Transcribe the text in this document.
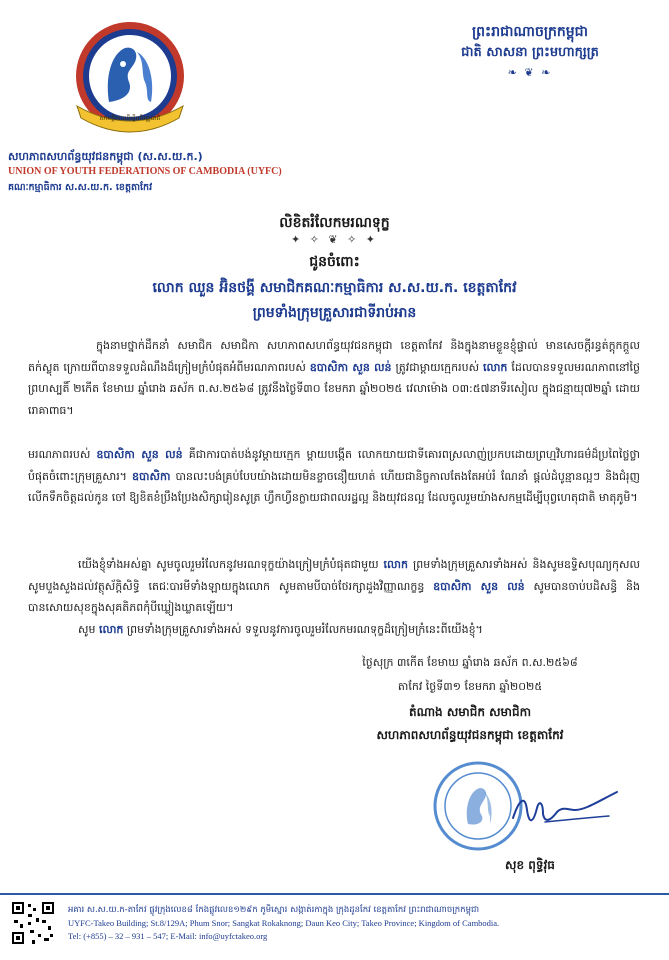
សាមគ្គីភាពដើម្បីអភិវឌ្ឍជាតិ
សហភាពសហព័ន្ធយុវជនកម្ពុជា (ស.ស.យ.ក.)
UNION OF YOUTH FEDERATIONS OF CAMBODIA (UYFC)
គណៈកម្មាធិការ ស.ស.យ.ក. ខេត្តតាកែវ
ព្រះរាជាណាចក្រកម្ពុជា
ជាតិ សាសនា ព្រះមហាក្សត្រ
❧ ❦ ❧
លិខិតរំលែកមរណទុក្ខ
✦ ✧ ❦ ✧ ✦
ជូនចំពោះ
លោក ឈួន អ៊ិនថង្គី សមាជិកគណៈកម្មាធិការ ស.ស.យ.ក. ខេត្តតាកែវ
ព្រមទាំងក្រុមគ្រួសារជាទីរាប់អាន
ក្នុងនាមថ្នាក់ដឹកនាំ សមាជិក សមាជិកា សហភាពសហព័ន្ធយុវជនកម្ពុជា ខេត្តតាកែវ និងក្នុងនាមខ្លួនខ្ញុំផ្ទាល់ មានសេចក្ដីរន្ធត់ក្តុកក្តួលតក់ស្លុត ក្រោយពីបានទទួលដំណឹងដ៏ក្រៀមក្រំបំផុតអំពីមរណភាពរបស់ ឧបាសិកា សួន លន់ ត្រូវជាម្ដាយក្មេករបស់ លោក ដែលបានទទួលមរណភាពនៅថ្ងៃព្រហស្បតិ៍ ២កើត ខែមាឃ ឆ្នាំរោង ឆស័ក ព.ស.២៥៦៨ ត្រូវនឹងថ្ងៃទី៣០ ខែមករា ឆ្នាំ២០២៥ វេលាម៉ោង ០៣:៥៧នាទីរសៀល ក្នុងជន្មាយុ៧២ឆ្នាំ ដោយរោគាពាធ។
មរណភាពរបស់ ឧបាសិកា សួន លន់ គឺជាការបាត់បង់នូវម្ដាយក្មេក ម្ដាយបង្កើត លោកយាយជាទីគោរពស្រលាញ់ប្រកបដោយព្រហ្មវិហារធម៌ដ៏ប្រពៃថ្លៃថ្លាបំផុតចំពោះក្រុមគ្រួសារ។ ឧបាសិកា បានលះបង់គ្រប់បែបយ៉ាងដោយមិនខ្លាចនឿយហត់ ហើយជានិច្ចកាលតែងតែអប់រំ ណែនាំ ផ្ដល់ដំបូន្មានល្អៗ និងជំរុញលើកទឹកចិត្តដល់កូន ចៅ ឱ្យខិតខំប្រឹងប្រែងសិក្សារៀនសូត្រ ហ្វឹកហ្វឺនក្លាយជាពលរដ្ឋល្អ និងយុវជនល្អ ដែលចូលរួមយ៉ាងសកម្មដើម្បីបុព្វហេតុជាតិ មាតុភូមិ។
យើងខ្ញុំទាំងអស់គ្នា សូមចូលរួមរំលែកនូវមរណទុក្ខយ៉ាងក្រៀមក្រំបំផុតជាមួយ លោក ព្រមទាំងក្រុមគ្រួសារទាំងអស់ និងសូមឧទ្ទិសបុណ្យកុសលសូមបួងសួងដល់វត្ថុស័ក្តិសិទ្ធិ តេជៈបារមីទាំងឡាយក្នុងលោក សូមតាមបីបាច់ថែរក្សាដួងវិញ្ញាណក្ខន្ធ ឧបាសិកា សួន លន់ សូមបានចាប់បដិសន្ធិ និងបានសោយសុខក្នុងសុគតិភពកុំបីឃ្លៀងឃ្លាតឡើយ។
សូម លោក ព្រមទាំងក្រុមគ្រួសារទាំងអស់ ទទួលនូវការចូលរួមរំលែកមរណទុក្ខដ៏ក្រៀមក្រំនេះពីយើងខ្ញុំ។
ថ្ងៃសុក្រ ៣កើត ខែមាឃ ឆ្នាំរោង ឆស័ក ព.ស.២៥៦៨
តាកែវ ថ្ងៃទី៣១ ខែមករា ឆ្នាំ២០២៥
តំណាង សមាជិក សមាជិកា
សហភាពសហព័ន្ធយុវជនកម្ពុជា ខេត្តតាកែវ
សុខ ពុទ្ធិវុធ
អគារ ស.ស.យ.ក-តាកែវ ផ្លូវក្រុងលេខ៨ កែងផ្លូវលេខ១២៩ក ភូមិស្នោរ សង្កាត់រកាក្នុង ក្រុងដូនកែវ ខេត្តតាកែវ ព្រះរាជាណាចក្រកម្ពុជា
UYFC-Takeo Building; St.8/129A; Phum Snor; Sangkat Rokaknong; Daun Keo City; Takeo Province; Kingdom of Cambodia.
Tel: (+855) – 32 – 931 – 547; E-Mail: info@uyfctakeo.org
